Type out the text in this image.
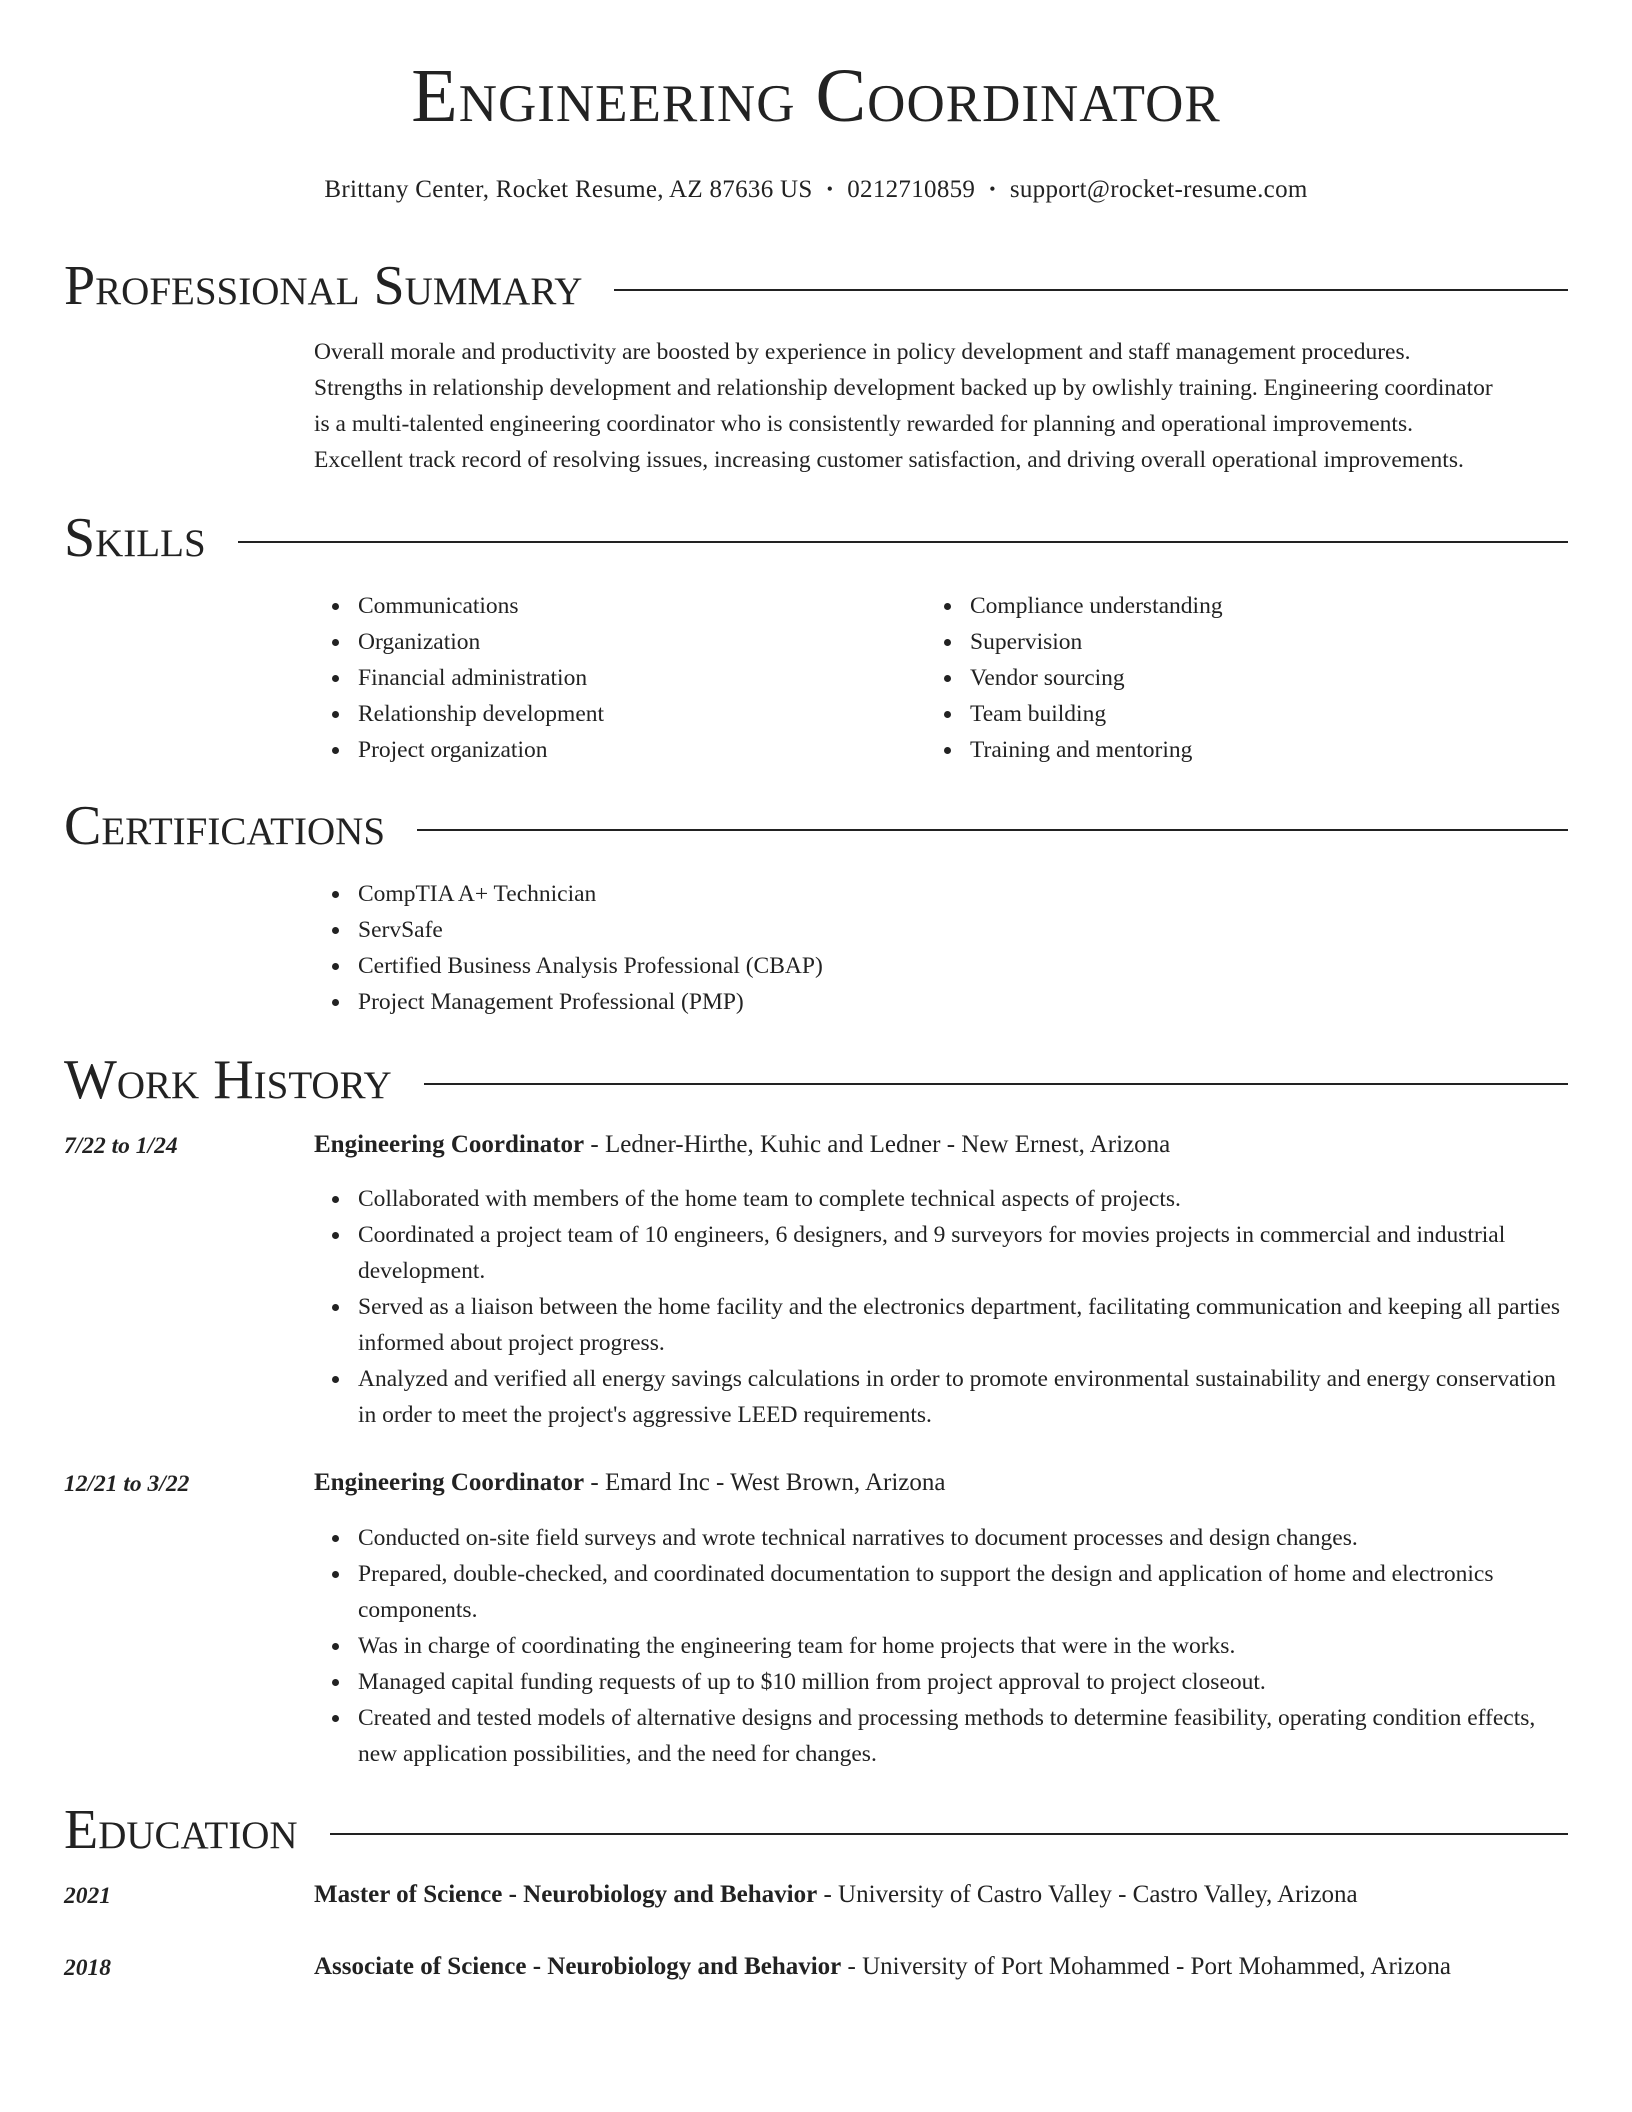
Engineering Coordinator
Brittany Center, Rocket Resume, AZ 87636 US • 0212710859 • support@rocket-resume.com
Professional Summary
Overall morale and productivity are boosted by experience in policy development and staff management procedures.
Strengths in relationship development and relationship development backed up by owlishly training. Engineering coordinator
is a multi-talented engineering coordinator who is consistently rewarded for planning and operational improvements.
Excellent track record of resolving issues, increasing customer satisfaction, and driving overall operational improvements.
Skills
Communications
Organization
Financial administration
Relationship development
Project organization
Compliance understanding
Supervision
Vendor sourcing
Team building
Training and mentoring
Certifications
CompTIA A+ Technician
ServSafe
Certified Business Analysis Professional (CBAP)
Project Management Professional (PMP)
Work History
7/22 to 1/24	Engineering Coordinator - Ledner-Hirthe, Kuhic and Ledner - New Ernest, Arizona
Collaborated with members of the home team to complete technical aspects of projects.
Coordinated a project team of 10 engineers, 6 designers, and 9 surveyors for movies projects in commercial and industrial development.
Served as a liaison between the home facility and the electronics department, facilitating communication and keeping all parties informed about project progress.
Analyzed and verified all energy savings calculations in order to promote environmental sustainability and energy conservation in order to meet the project's aggressive LEED requirements.
12/21 to 3/22	Engineering Coordinator - Emard Inc - West Brown, Arizona
Conducted on-site field surveys and wrote technical narratives to document processes and design changes.
Prepared, double-checked, and coordinated documentation to support the design and application of home and electronics components.
Was in charge of coordinating the engineering team for home projects that were in the works.
Managed capital funding requests of up to $10 million from project approval to project closeout.
Created and tested models of alternative designs and processing methods to determine feasibility, operating condition effects, new application possibilities, and the need for changes.
Education
2021	Master of Science - Neurobiology and Behavior - University of Castro Valley - Castro Valley, Arizona
2018	Associate of Science - Neurobiology and Behavior - University of Port Mohammed - Port Mohammed, Arizona
